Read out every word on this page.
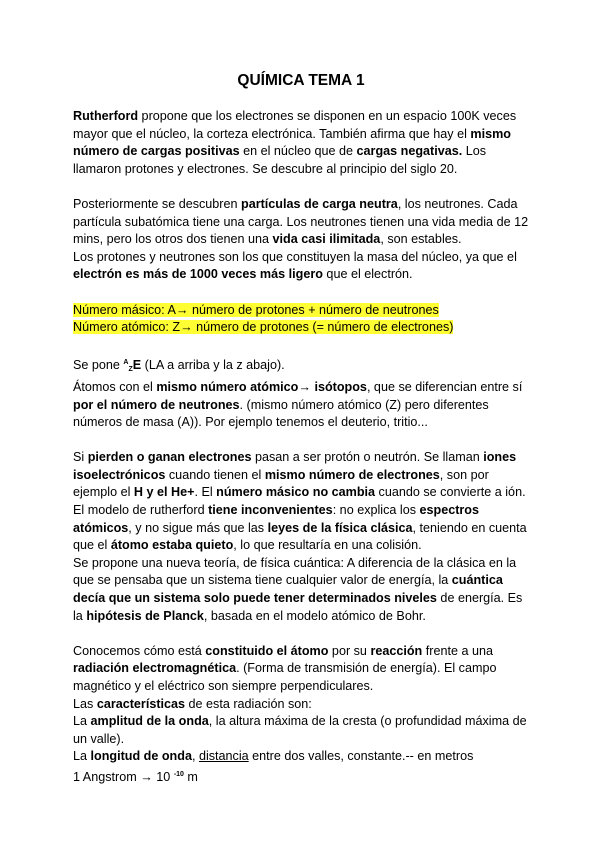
QUÍMICA TEMA 1

Rutherford propone que los electrones se disponen en un espacio 100K veces mayor que el núcleo, la corteza electrónica. También afirma que hay el mismo número de cargas positivas en el núcleo que de cargas negativas. Los llamaron protones y electrones. Se descubre al principio del siglo 20.

Posteriormente se descubren partículas de carga neutra, los neutrones. Cada partícula subatómica tiene una carga. Los neutrones tienen una vida media de 12 mins, pero los otros dos tienen una vida casi ilimitada, son estables.

Los protones y neutrones son los que constituyen la masa del núcleo, ya que el electrón es más de 1000 veces más ligero que el electrón.

Número másico: A→ número de protones + número de neutrones

Número atómico: Z→ número de protones (= número de electrones)

Se pone $^A_Z$E (LA a arriba y la z abajo).

Átomos con el mismo número atómico→ isótopos, que se diferencian entre sí por el número de neutrones. (mismo número atómico (Z) pero diferentes números de masa (A)). Por ejemplo tenemos el deuterio, tritio...

Si pierden o ganan electrones pasan a ser protón o neutrón. Se llaman iones isoelectrónicos cuando tienen el mismo número de electrones, son por ejemplo el H y el He+. El número másico no cambia cuando se convierte a ión.

El modelo de rutherford tiene inconvenientes: no explica los espectros atómicos, y no sigue más que las leyes de la física clásica, teniendo en cuenta que el átomo estaba quieto, lo que resultaría en una colisión.

Se propone una nueva teoría, de física cuántica: A diferencia de la clásica en la que se pensaba que un sistema tiene cualquier valor de energía, la cuántica decía que un sistema solo puede tener determinados niveles de energía. Es la hipótesis de Planck, basada en el modelo atómico de Bohr.

Conocemos cómo está constituido el átomo por su reacción frente a una radiación electromagnética. (Forma de transmisión de energía). El campo magnético y el eléctrico son siempre perpendiculares.

Las características de esta radiación son:

La amplitud de la onda, la altura máxima de la cresta (o profundidad máxima de un valle).

La longitud de onda, distancia entre dos valles, constante.-- en metros

1 Angstrom → 10 $^{-10}$ m
